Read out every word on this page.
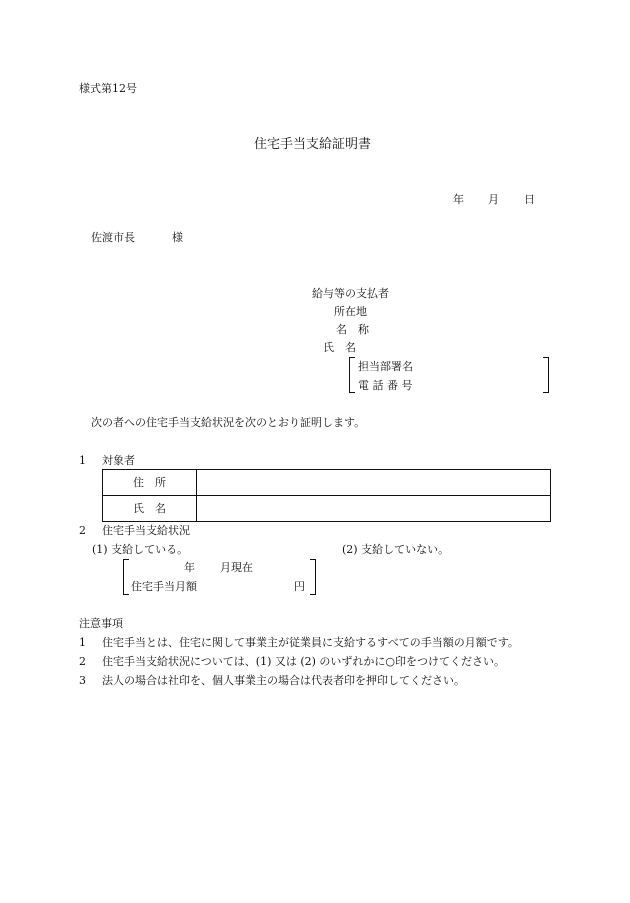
様式第12号
住宅手当支給証明書
年 月 日
佐渡市長	様
給与等の支払者
所在地
名　称
氏　名
担当部署名
電 話 番 号
次の者への住宅手当支給状況を次のとおり証明します。
1 対象者
住　所	
氏　名	
2 住宅手当支給状況
(1) 支給している。	(2) 支給していない。
年 月現在
住宅手当月額	円
注意事項
1 住宅手当とは、住宅に関して事業主が従業員に支給するすべての手当額の月額です。
2 住宅手当支給状況については、(1) 又は (2) のいずれかに○印をつけてください。
3 法人の場合は社印を、個人事業主の場合は代表者印を押印してください。
